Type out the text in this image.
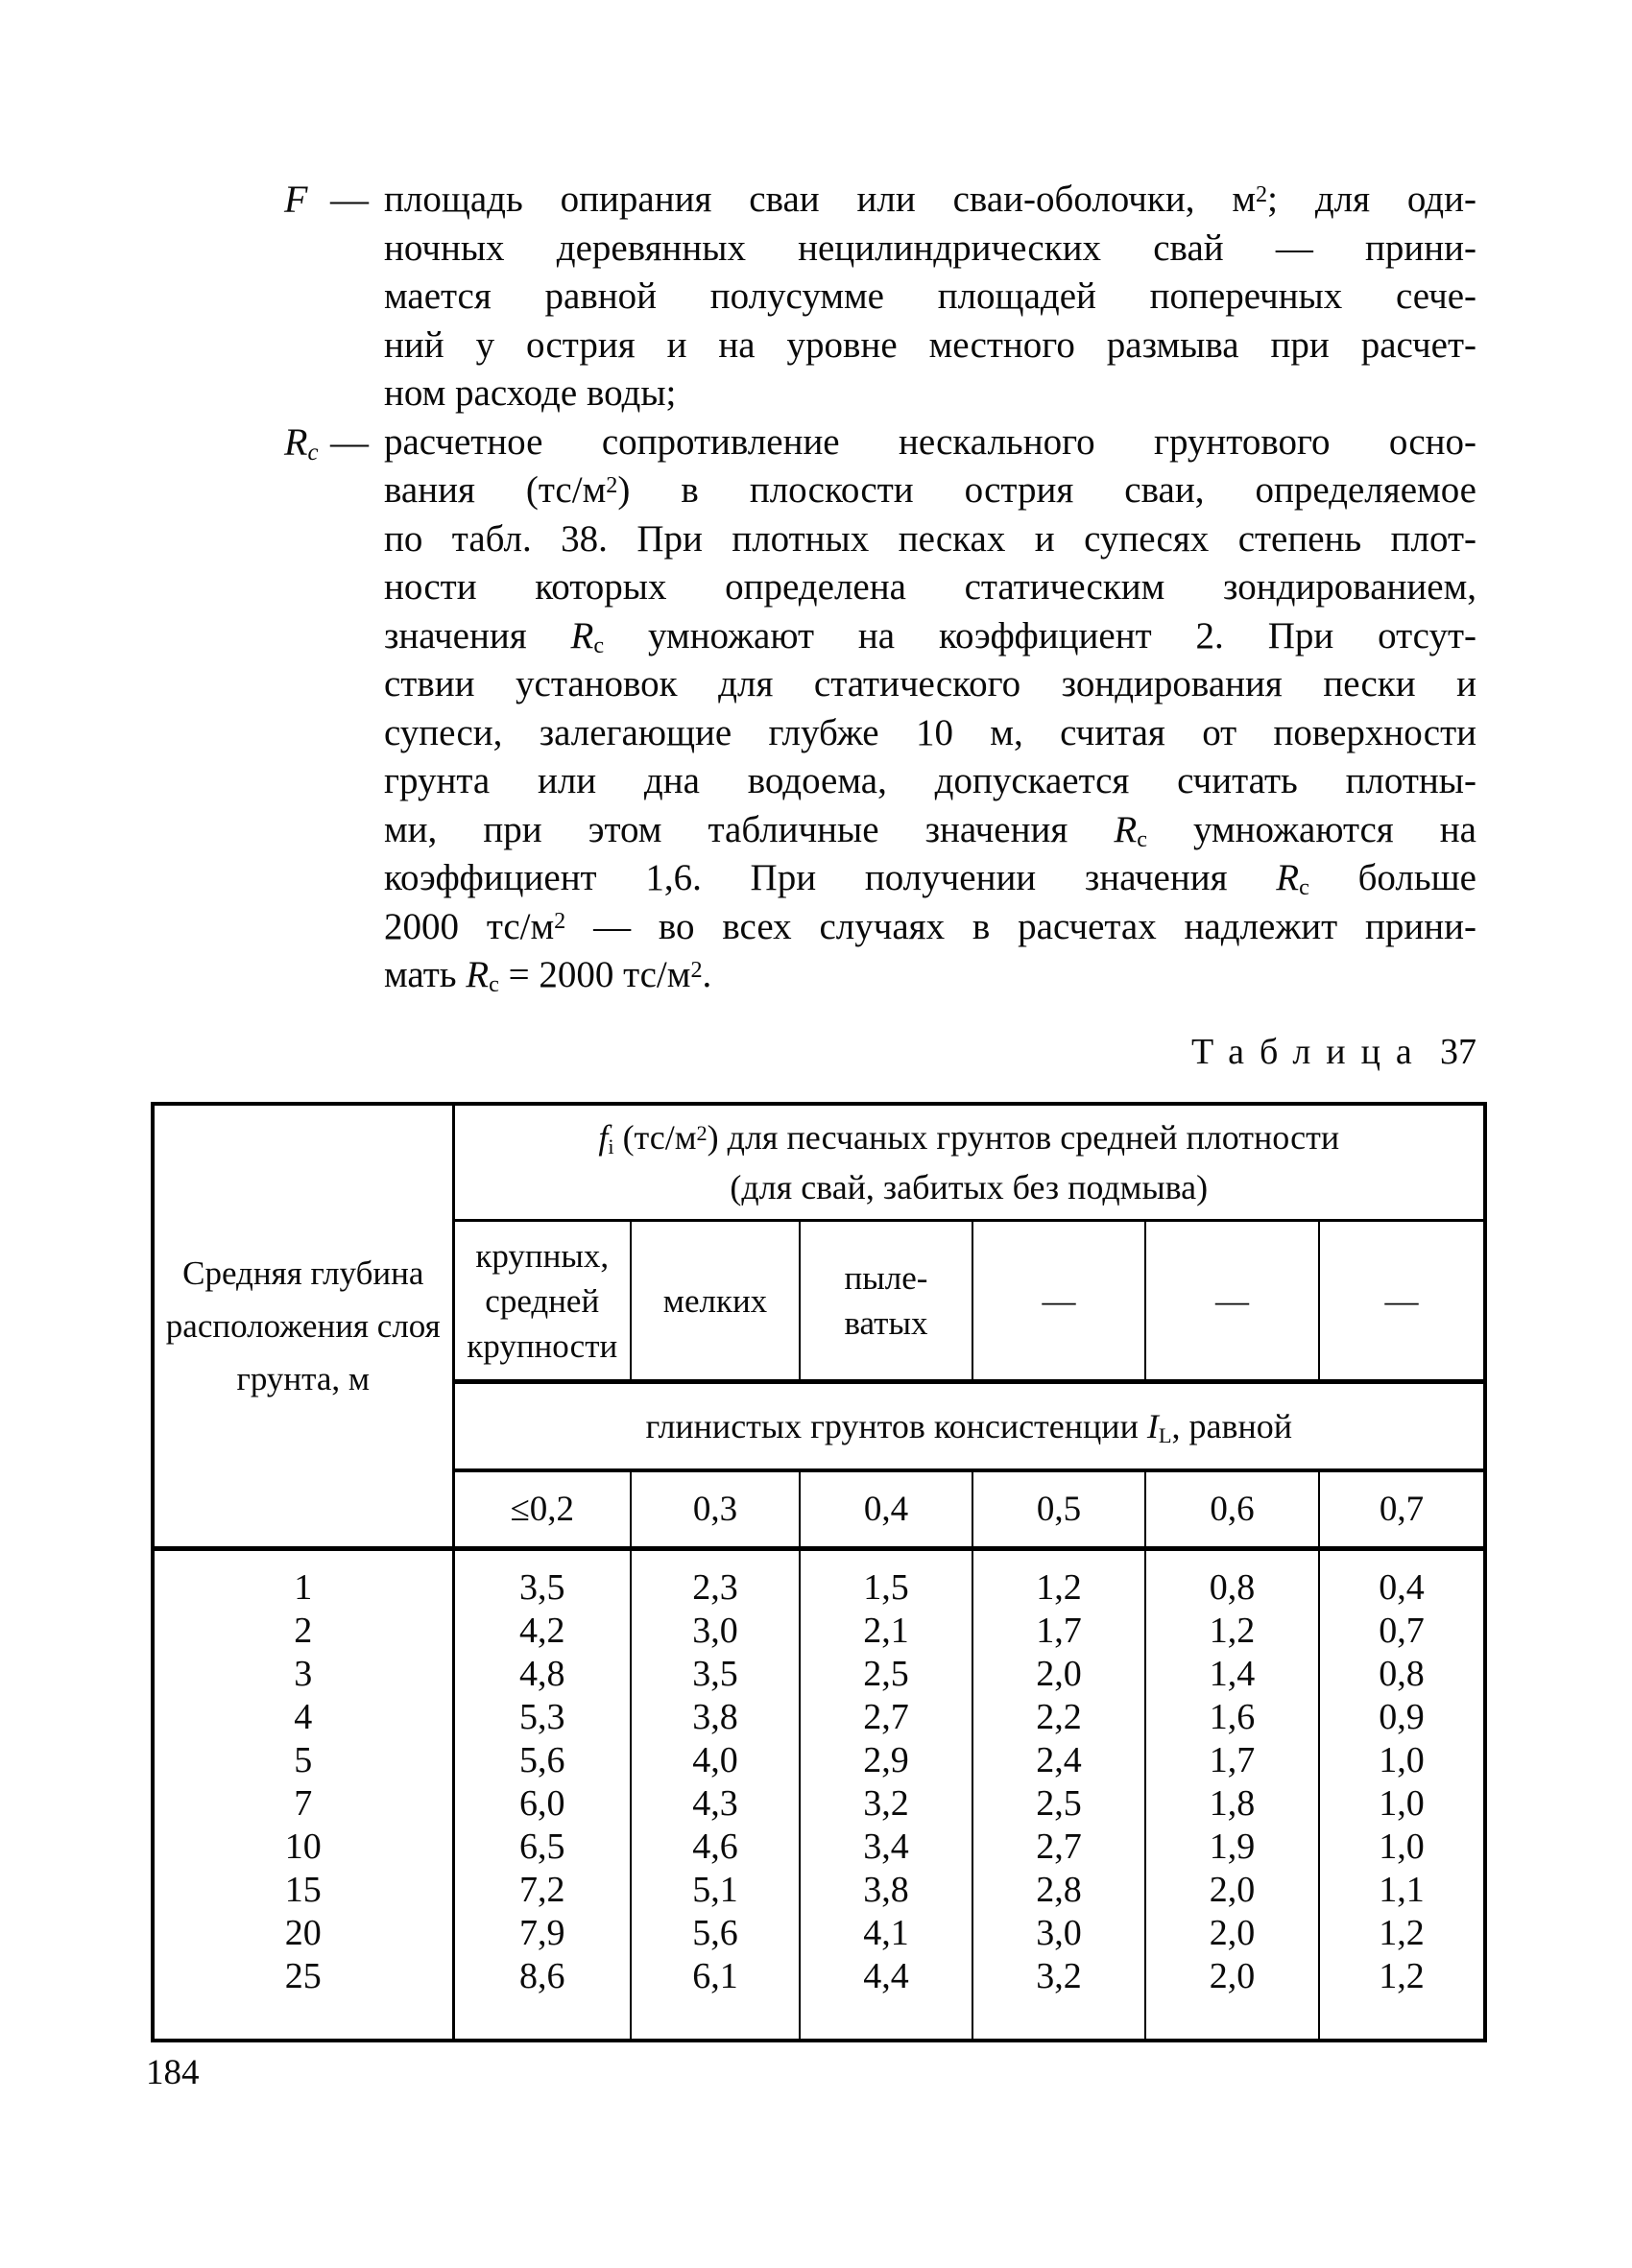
F — площадь опирания сваи или сваи-оболочки, $м^2$; для оди-
ночных деревянных нецилиндрических свай — прини-
мается равной полусумме площадей поперечных сече-
ний у острия и на уровне местного размыва при расчет-
ном расходе воды;
$R_с$ — расчетное сопротивление нескального грунтового осно-
вания $(тс/м^2)$ в плоскости острия сваи, определяемое
по табл. 38. При плотных песках и супесях степень плот-
ности которых определена статическим зондированием,
значения $R_с$ умножают на коэффициент 2. При отсут-
ствии установок для статического зондирования пески и
супеси, залегающие глубже 10 м, считая от поверхности
грунта или дна водоема, допускается считать плотны-
ми, при этом табличные значения $R_с$ умножаются на
коэффициент 1,6. При получении значения $R_с$ больше
2000 $тс/м^2$ — во всех случаях в расчетах надлежит прини-
мать $R_с = 2000$ $тс/м^2$.
Таблица 37
Средняя глубина расположения слоя грунта, м	$f_i$ $(тс/м^2)$ для песчаных грунтов средней плотности
(для свай, забитых без подмыва)					
	крупных,
средней
крупности	мелких	пыле-
ватых	—	—	—
	глинистых грунтов консистенции $I_L$, равной					
	≤0,2	0,3	0,4	0,5	0,6	0,7
1	3,5	2,3	1,5	1,2	0,8	0,4
2	4,2	3,0	2,1	1,7	1,2	0,7
3	4,8	3,5	2,5	2,0	1,4	0,8
4	5,3	3,8	2,7	2,2	1,6	0,9
5	5,6	4,0	2,9	2,4	1,7	1,0
7	6,0	4,3	3,2	2,5	1,8	1,0
10	6,5	4,6	3,4	2,7	1,9	1,0
15	7,2	5,1	3,8	2,8	2,0	1,1
20	7,9	5,6	4,1	3,0	2,0	1,2
25	8,6	6,1	4,4	3,2	2,0	1,2
184
